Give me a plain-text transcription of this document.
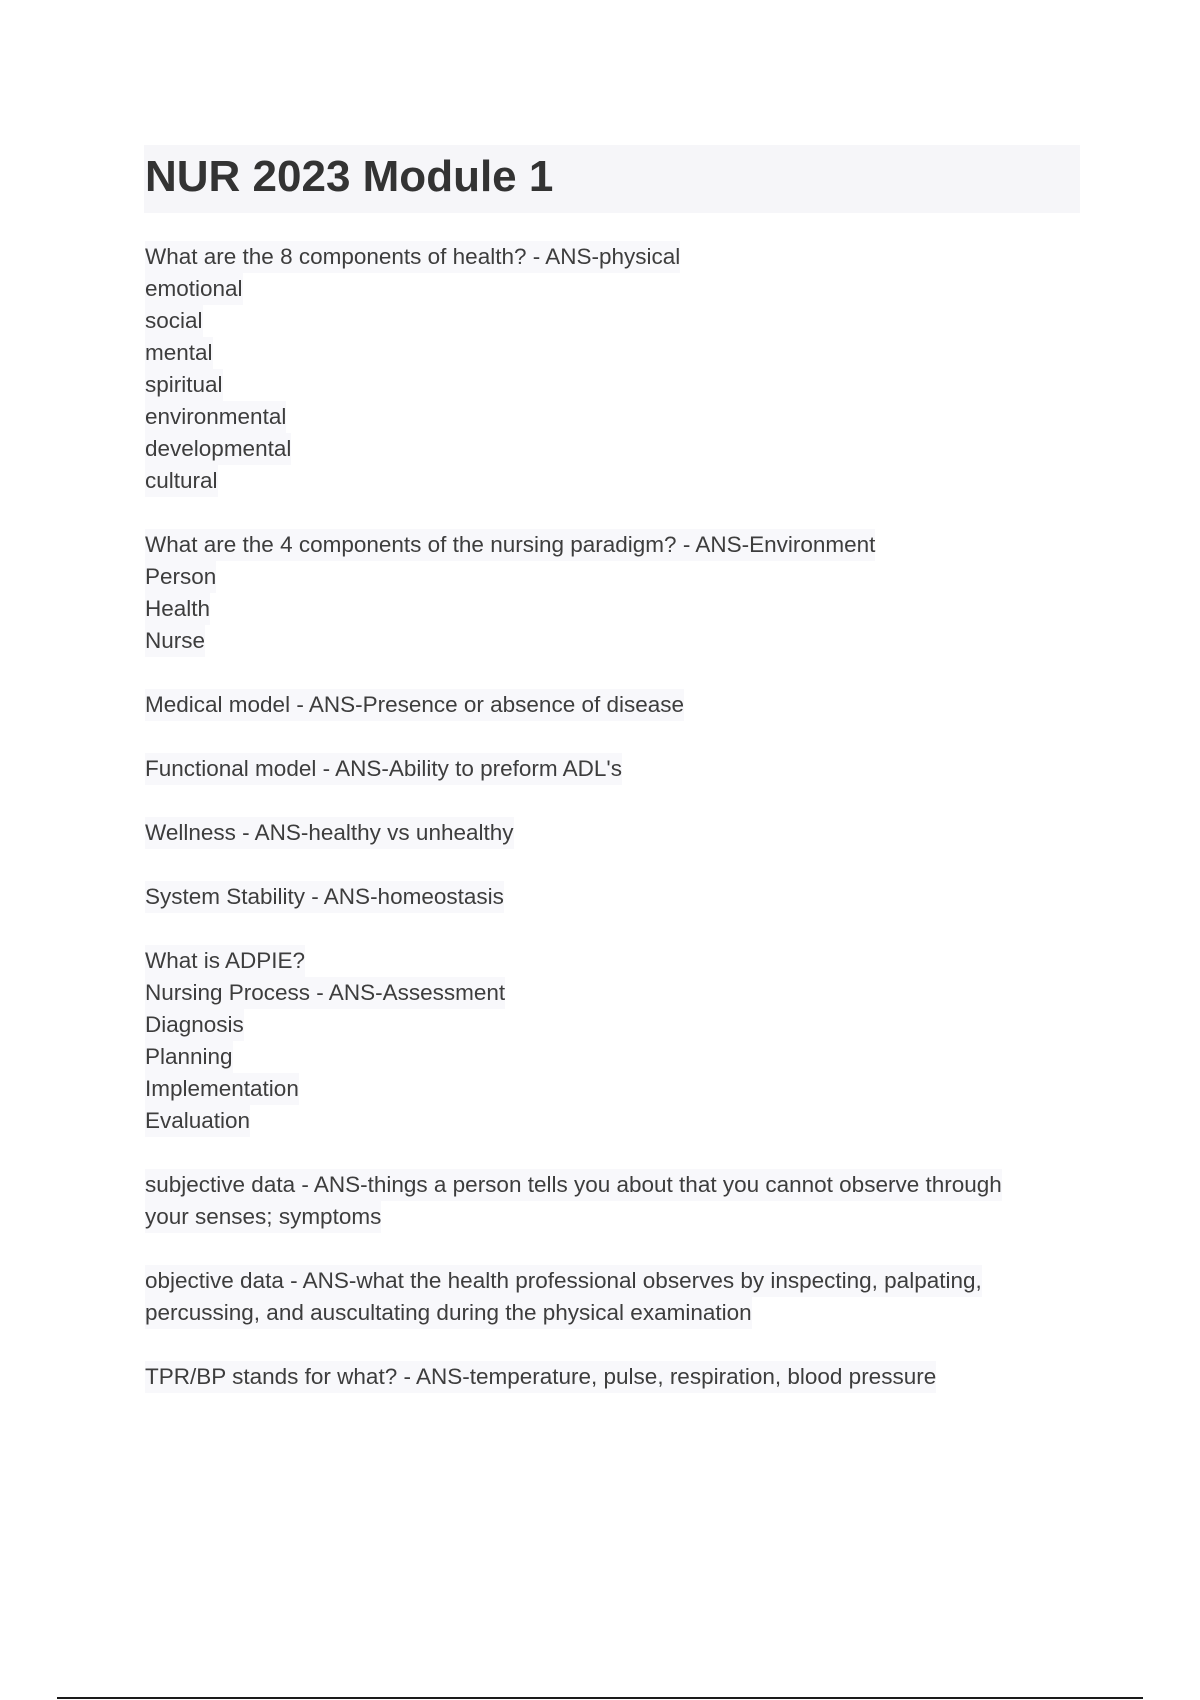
NUR 2023 Module 1
What are the 8 components of health? - ANS-physical
emotional
social
mental
spiritual
environmental
developmental
cultural
What are the 4 components of the nursing paradigm? - ANS-Environment
Person
Health
Nurse
Medical model - ANS-Presence or absence of disease
Functional model - ANS-Ability to preform ADL's
Wellness - ANS-healthy vs unhealthy
System Stability - ANS-homeostasis
What is ADPIE?
Nursing Process - ANS-Assessment
Diagnosis
Planning
Implementation
Evaluation
subjective data - ANS-things a person tells you about that you cannot observe through
your senses; symptoms
objective data - ANS-what the health professional observes by inspecting, palpating,
percussing, and auscultating during the physical examination
TPR/BP stands for what? - ANS-temperature, pulse, respiration, blood pressure
